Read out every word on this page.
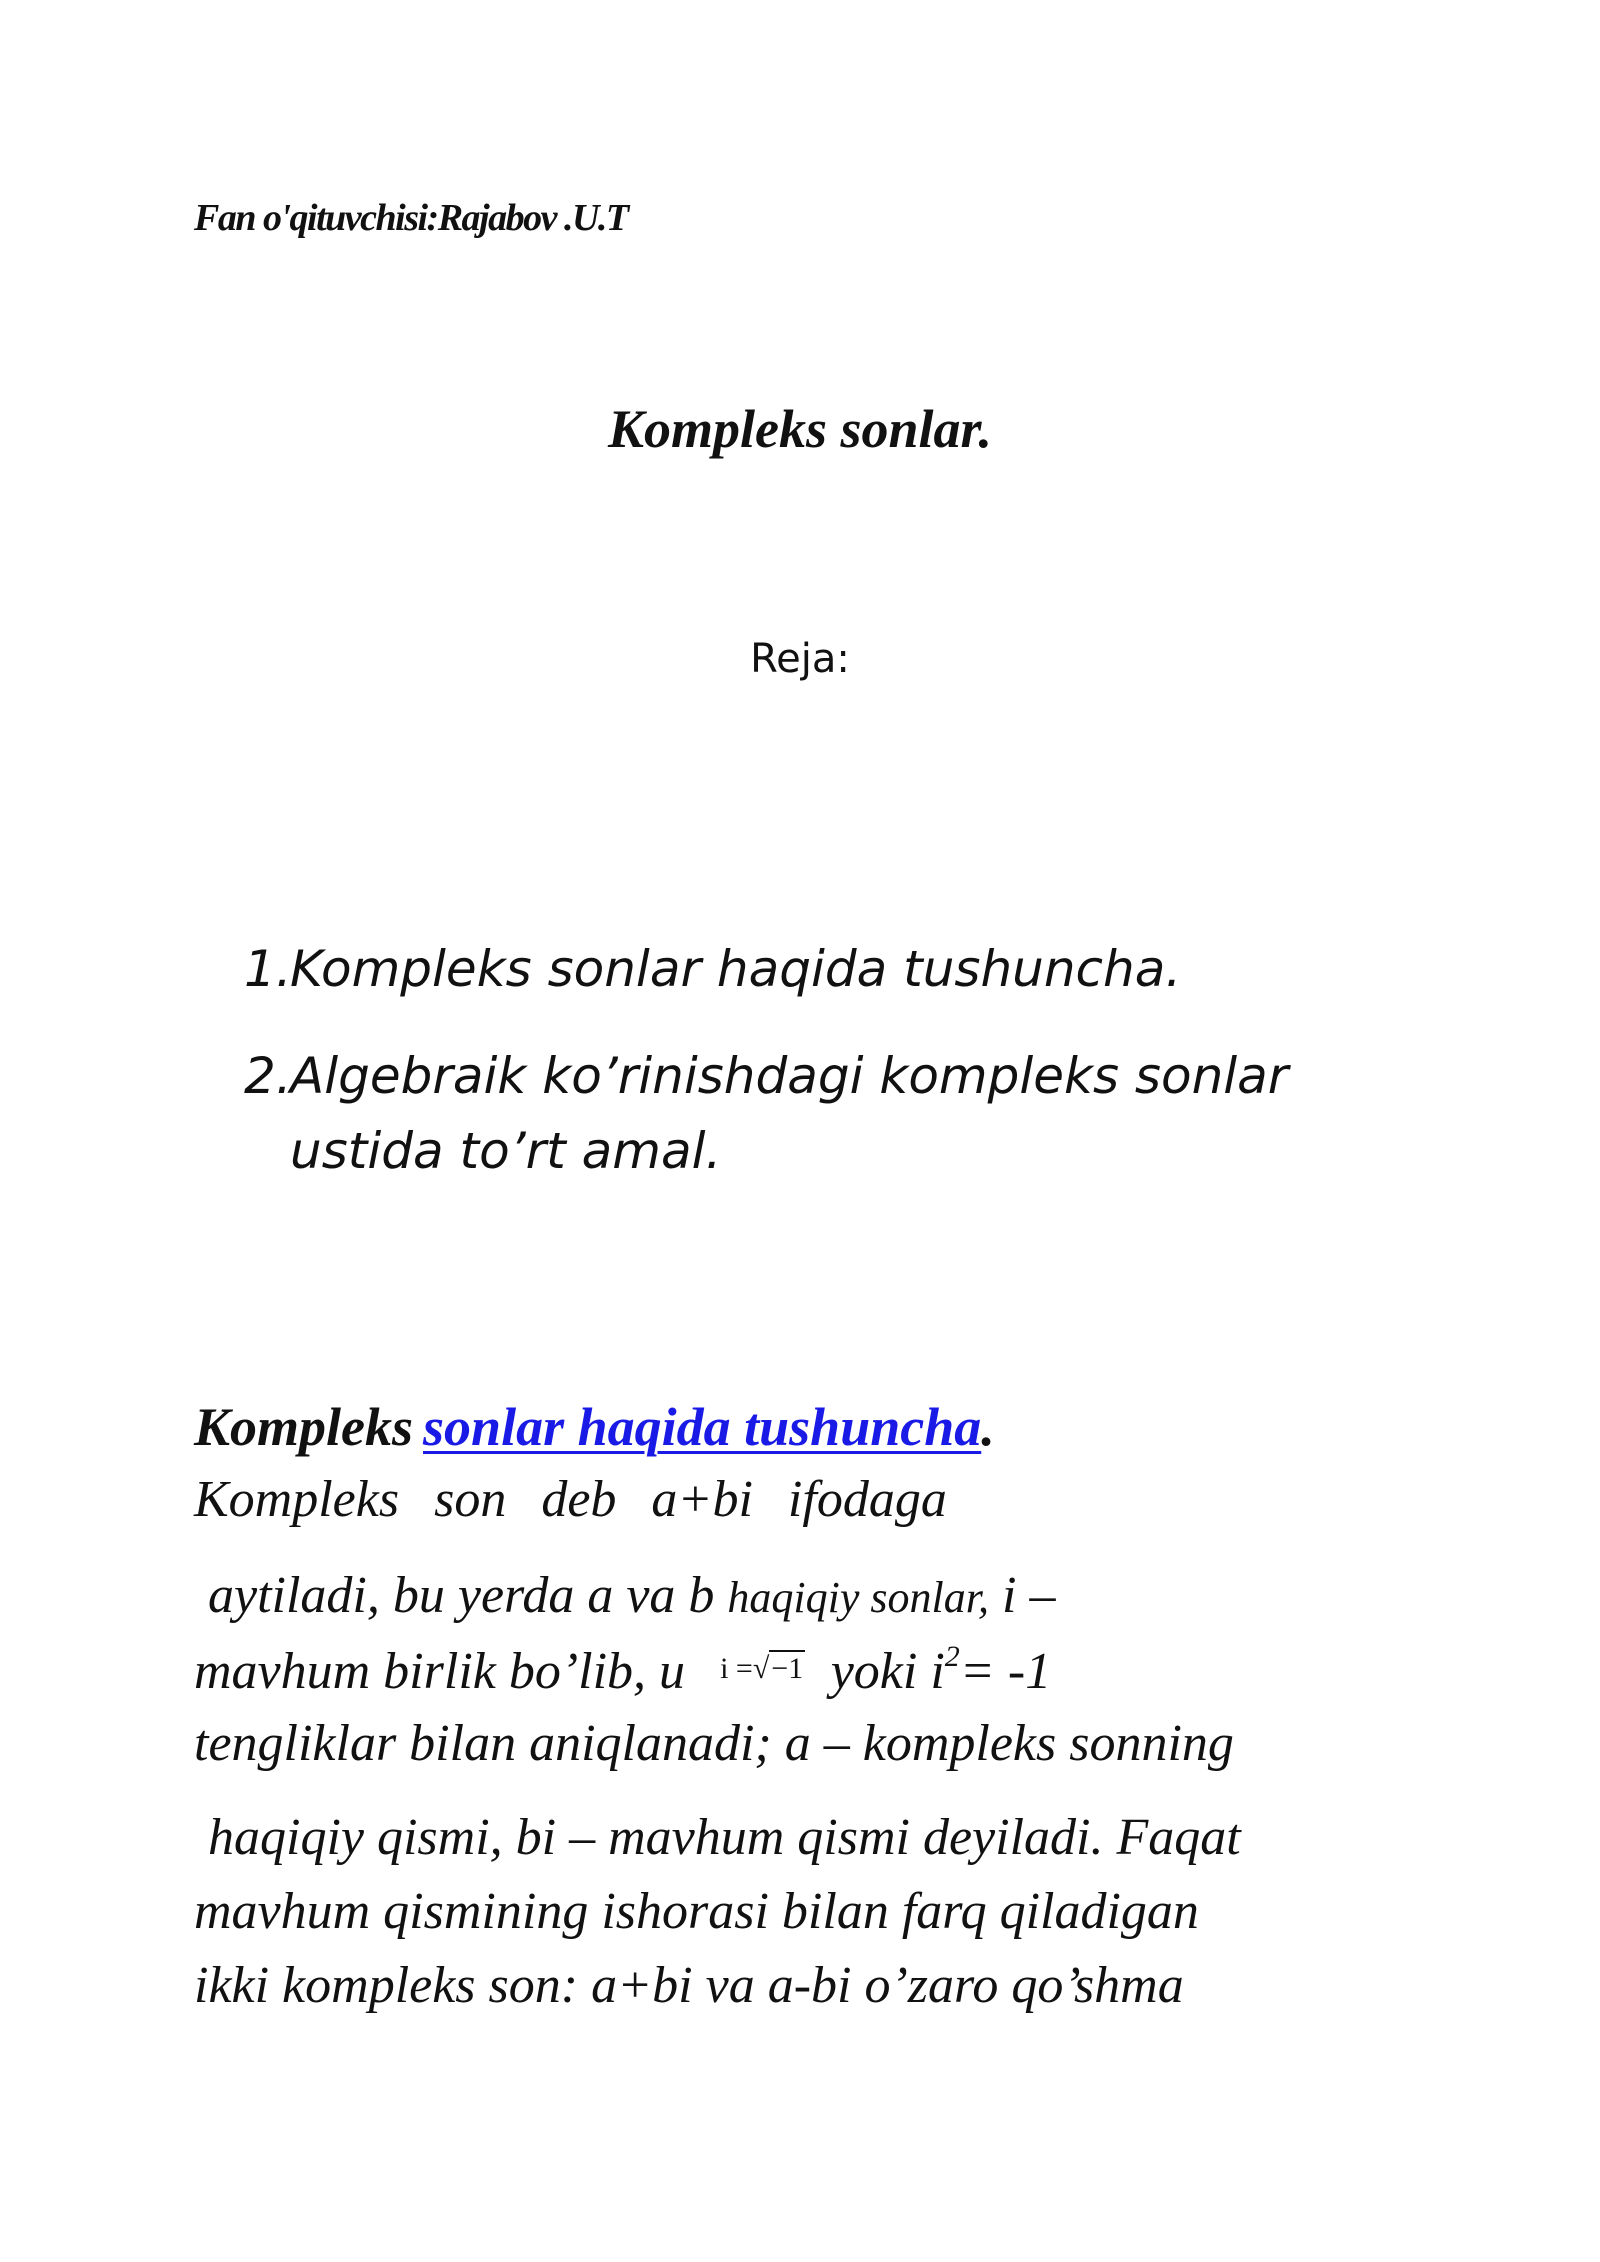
Fan o'qituvchisi:Rajabov .U.T
Kompleks sonlar.
Reja:
1.
Kompleks sonlar haqida tushuncha.
2.
Algebraik ko’rinishdagi kompleks sonlar
ustida to’rt amal.
Kompleks sonlar haqida tushuncha.
Kompleks son deb a+bi ifodaga
aytiladi, bu yerda a va b haqiqiy sonlar, i –
mavhum birlik bo’lib, u i =√−1 yoki $i^2= -1$
tengliklar bilan aniqlanadi; a – kompleks sonning
haqiqiy qismi, bi – mavhum qismi deyiladi. Faqat
mavhum qismining ishorasi bilan farq qiladigan
ikki kompleks son: a+bi va a-bi o’zaro qo’shma
